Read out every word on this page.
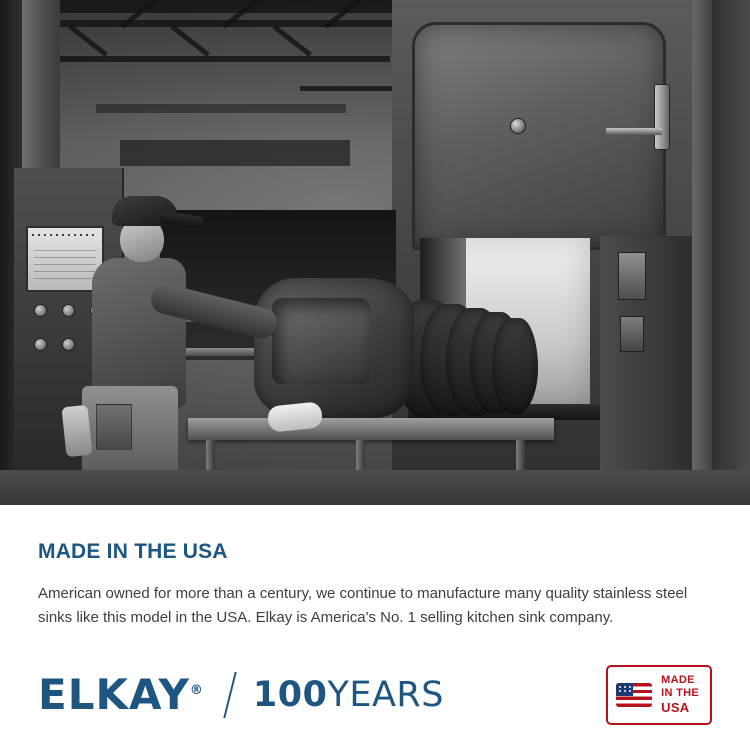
MADE IN THE USA

American owned for more than a century, we continue to manufacture many quality stainless steel sinks like this model in the USA. Elkay is America's No. 1 selling kitchen sink company.

ELKAY® 100YEARS	MADE
IN THE
USA
